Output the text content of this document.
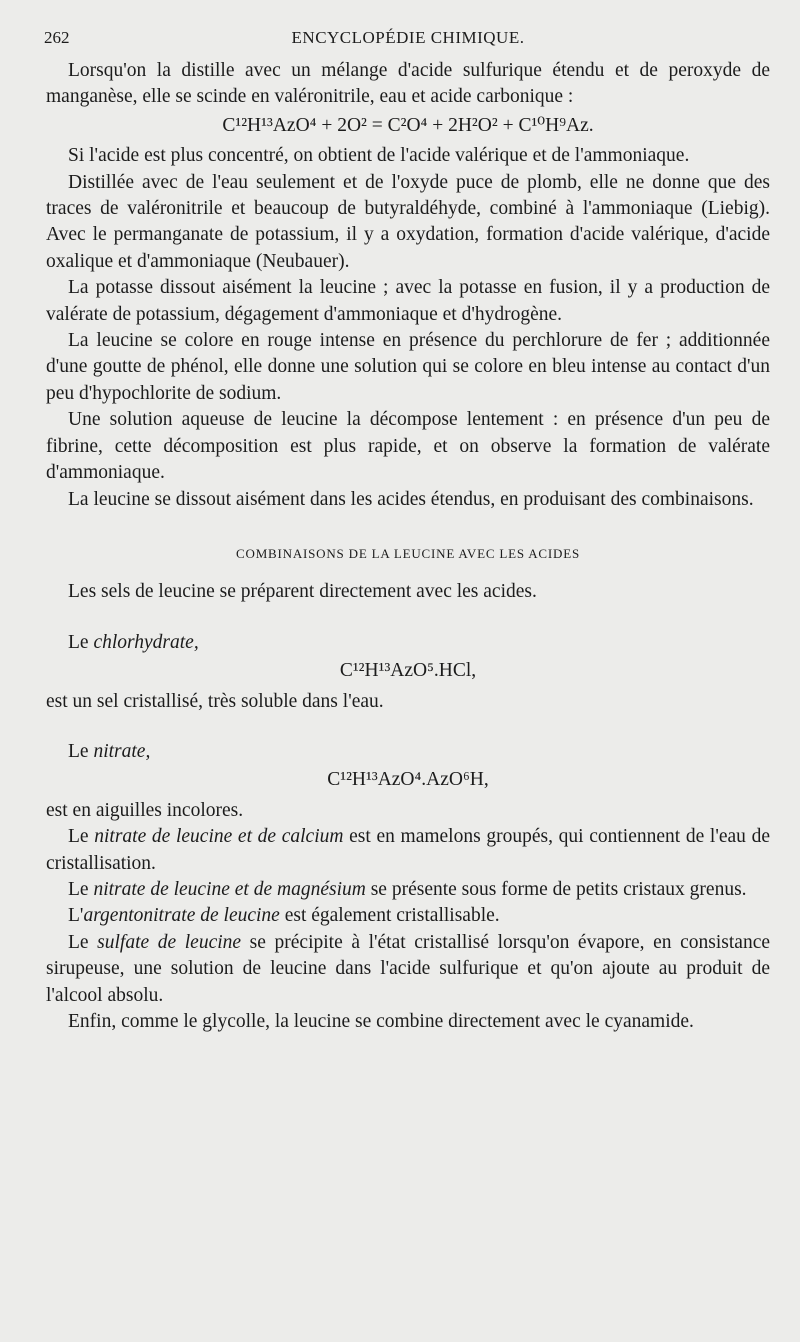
262	ENCYCLOPÉDIE CHIMIQUE.

Lorsqu'on la distille avec un mélange d'acide sulfurique étendu et de peroxyde de manganèse, elle se scinde en valéronitrile, eau et acide carbonique :

C¹²H¹³AzO⁴ + 2O² = C²O⁴ + 2H²O² + C¹⁰H⁹Az.

Si l'acide est plus concentré, on obtient de l'acide valérique et de l'ammoniaque.

Distillée avec de l'eau seulement et de l'oxyde puce de plomb, elle ne donne que des traces de valéronitrile et beaucoup de butyraldéhyde, combiné à l'ammoniaque (Liebig). Avec le permanganate de potassium, il y a oxydation, formation d'acide valérique, d'acide oxalique et d'ammoniaque (Neubauer).

La potasse dissout aisément la leucine ; avec la potasse en fusion, il y a production de valérate de potassium, dégagement d'ammoniaque et d'hydrogène.

La leucine se colore en rouge intense en présence du perchlorure de fer ; additionnée d'une goutte de phénol, elle donne une solution qui se colore en bleu intense au contact d'un peu d'hypochlorite de sodium.

Une solution aqueuse de leucine la décompose lentement : en présence d'un peu de fibrine, cette décomposition est plus rapide, et on observe la formation de valérate d'ammoniaque.

La leucine se dissout aisément dans les acides étendus, en produisant des combinaisons.

COMBINAISONS DE LA LEUCINE AVEC LES ACIDES

Les sels de leucine se préparent directement avec les acides.

Le chlorhydrate,

C¹²H¹³AzO⁵.HCl,

est un sel cristallisé, très soluble dans l'eau.

Le nitrate,

C¹²H¹³AzO⁴.AzO⁶H,

est en aiguilles incolores.

Le nitrate de leucine et de calcium est en mamelons groupés, qui contiennent de l'eau de cristallisation.

Le nitrate de leucine et de magnésium se présente sous forme de petits cristaux grenus.

L'argentonitrate de leucine est également cristallisable.

Le sulfate de leucine se précipite à l'état cristallisé lorsqu'on évapore, en consistance sirupeuse, une solution de leucine dans l'acide sulfurique et qu'on ajoute au produit de l'alcool absolu.

Enfin, comme le glycolle, la leucine se combine directement avec le cyanamide.
